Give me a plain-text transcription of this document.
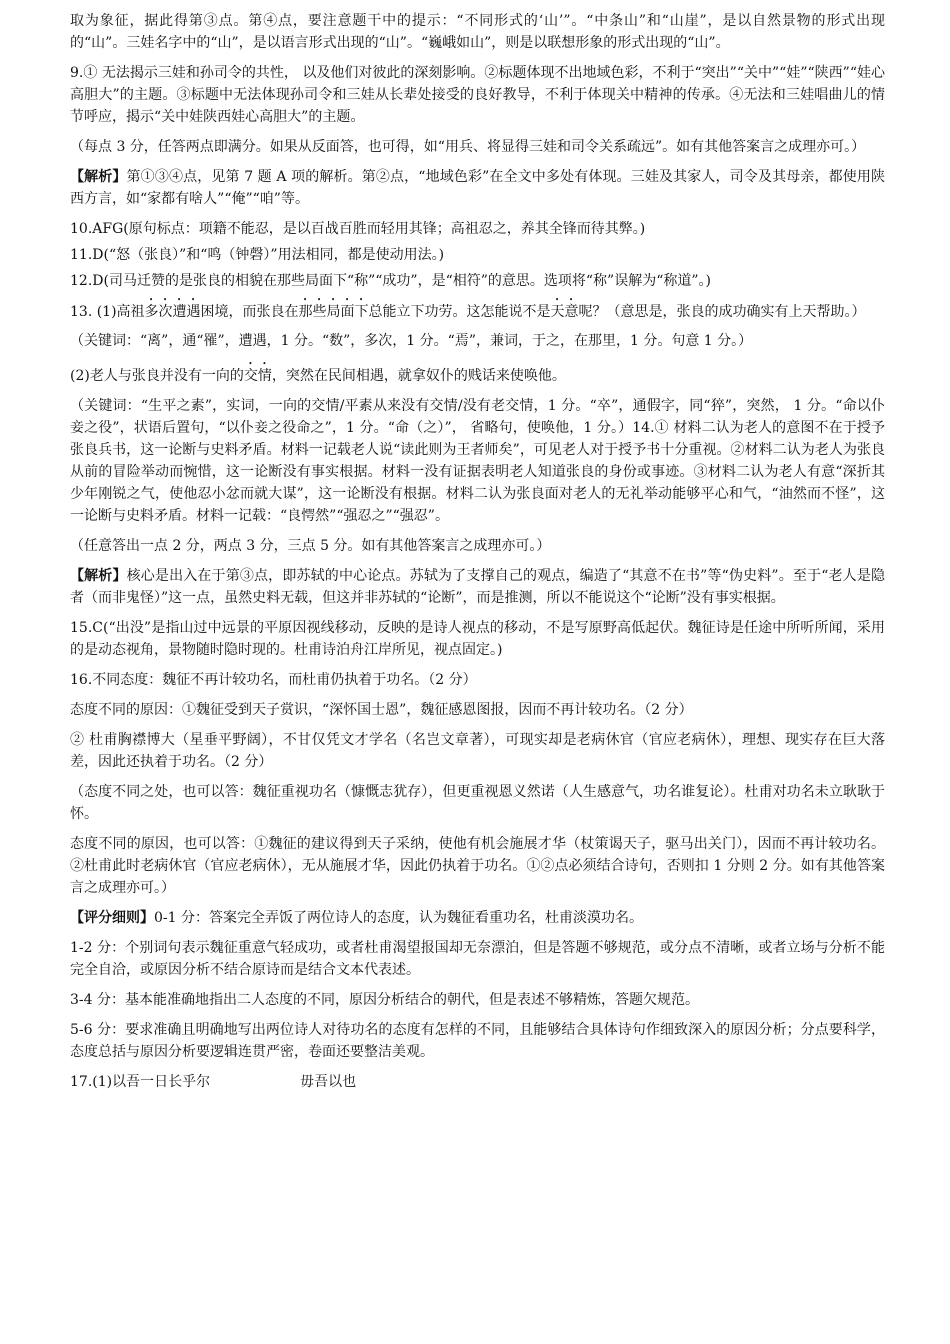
取为象征，据此得第③点。第④点，要注意题干中的提示：“不同形式的‘山’”。“中条山”和“山崖”，是以自然景物的形式出现的“山”。三娃名字中的“山”，是以语言形式出现的“山”。“巍峨如山”，则是以联想形象的形式出现的“山”。

9.① 无法揭示三娃和孙司令的共性， 以及他们对彼此的深刻影响。②标题体现不出地域色彩，不利于“突出”“关中”“娃”“陕西”“娃心高胆大”的主题。③标题中无法体现孙司令和三娃从长辈处接受的良好教导，不利于体现关中精神的传承。④无法和三娃唱曲儿的情节呼应，揭示“关中娃陕西娃心高胆大”的主题。

（每点 3 分，任答两点即满分。如果从反面答，也可得，如“用兵、将显得三娃和司令关系疏远”。如有其他答案言之成理亦可。）

【解析】第①③④点，见第 7 题 A 项的解析。第②点，“地域色彩”在全文中多处有体现。三娃及其家人，司令及其母亲，都使用陕西方言，如“家都有啥人”“俺”“咱”等。

10.AFG(原句标点：项籍不能忍，是以百战百胜而轻用其锋；高祖忍之，养其全锋而待其弊。)

11.D(“怒（张良）”和“鸣（钟磬）”用法相同，都是使动用法。)

12.D(司马迁赞的是张良的相貌在那些局面下“称”“成功”，是“相符”的意思。选项将“称”误解为“称道”。)

13. (1)高祖多次遭遇困境，而张良在那些局面下总能立下功劳。这怎能说不是天意呢？（意思是，张良的成功确实有上天帮助。）

（关键词：“离”，通“罹”，遭遇，1 分。“数”，多次，1 分。“焉”，兼词，于之，在那里，1 分。句意 1 分。）

(2)老人与张良并没有一向的交情，突然在民间相遇，就拿奴仆的贱话来使唤他。

（关键词：“生平之素”，实词，一向的交情/平素从来没有交情/没有老交情，1 分。“卒”，通假字，同“猝”，突然， 1 分。“命以仆妾之役”，状语后置句，“以仆妾之役命之”，1 分。“命（之）”， 省略句，使唤他，1 分。）14.① 材料二认为老人的意图不在于授予张良兵书，这一论断与史料矛盾。材料一记载老人说“读此则为王者师矣”，可见老人对于授予书十分重视。②材料二认为老人为张良从前的冒险举动而惋惜，这一论断没有事实根据。材料一没有证据表明老人知道张良的身份或事迹。③材料二认为老人有意“深折其少年刚锐之气，使他忍小忿而就大谋”，这一论断没有根据。材料二认为张良面对老人的无礼举动能够平心和气，“油然而不怪”，这一论断与史料矛盾。材料一记载：“良愕然”“强忍之”“强忍”。

（任意答出一点 2 分，两点 3 分，三点 5 分。如有其他答案言之成理亦可。）

【解析】核心是出入在于第③点，即苏轼的中心论点。苏轼为了支撑自己的观点，编造了“其意不在书”等“伪史料”。至于“老人是隐者（而非鬼怪）”这一点，虽然史料无载，但这并非苏轼的“论断”，而是推测，所以不能说这个“论断”没有事实根据。

15.C(“出没”是指山过中远景的平原因视线移动，反映的是诗人视点的移动，不是写原野高低起伏。魏征诗是任途中所听所闻，采用的是动态视角，景物随时隐时现的。杜甫诗泊舟江岸所见，视点固定。)

16.不同态度：魏征不再计较功名，而杜甫仍执着于功名。（2 分）

态度不同的原因：①魏征受到天子赏识，“深怀国士恩”，魏征感恩图报，因而不再计较功名。（2 分）

② 杜甫胸襟博大（星垂平野阔），不甘仅凭文才学名（名岂文章著），可现实却是老病休官（官应老病休），理想、现实存在巨大落差，因此还执着于功名。（2 分）

（态度不同之处，也可以答：魏征重视功名（慷慨志犹存），但更重视恩义然诺（人生感意气，功名谁复论）。杜甫对功名未立耿耿于怀。

态度不同的原因，也可以答：①魏征的建议得到天子采纳，使他有机会施展才华（杖策谒天子，驱马出关门），因而不再计较功名。②杜甫此时老病休官（官应老病休），无从施展才华，因此仍执着于功名。①②点必须结合诗句，否则扣 1 分则 2 分。如有其他答案言之成理亦可。）

【评分细则】0-1 分：答案完全弄饭了两位诗人的态度，认为魏征看重功名，杜甫淡漠功名。

1-2 分：个别词句表示魏征重意气轻成功，或者杜甫渴望报国却无奈漂泊，但是答题不够规范，或分点不清晰，或者立场与分析不能完全自洽，或原因分析不结合原诗而是结合文本代表述。

3-4 分：基本能准确地指出二人态度的不同，原因分析结合的朝代，但是表述不够精炼，答题欠规范。

5-6 分：要求准确且明确地写出两位诗人对待功名的态度有怎样的不同，且能够结合具体诗句作细致深入的原因分析；分点要科学，态度总括与原因分析要逻辑连贯严密，卷面还要整洁美观。

17.(1)以吾一日长乎尔	毋吾以也
